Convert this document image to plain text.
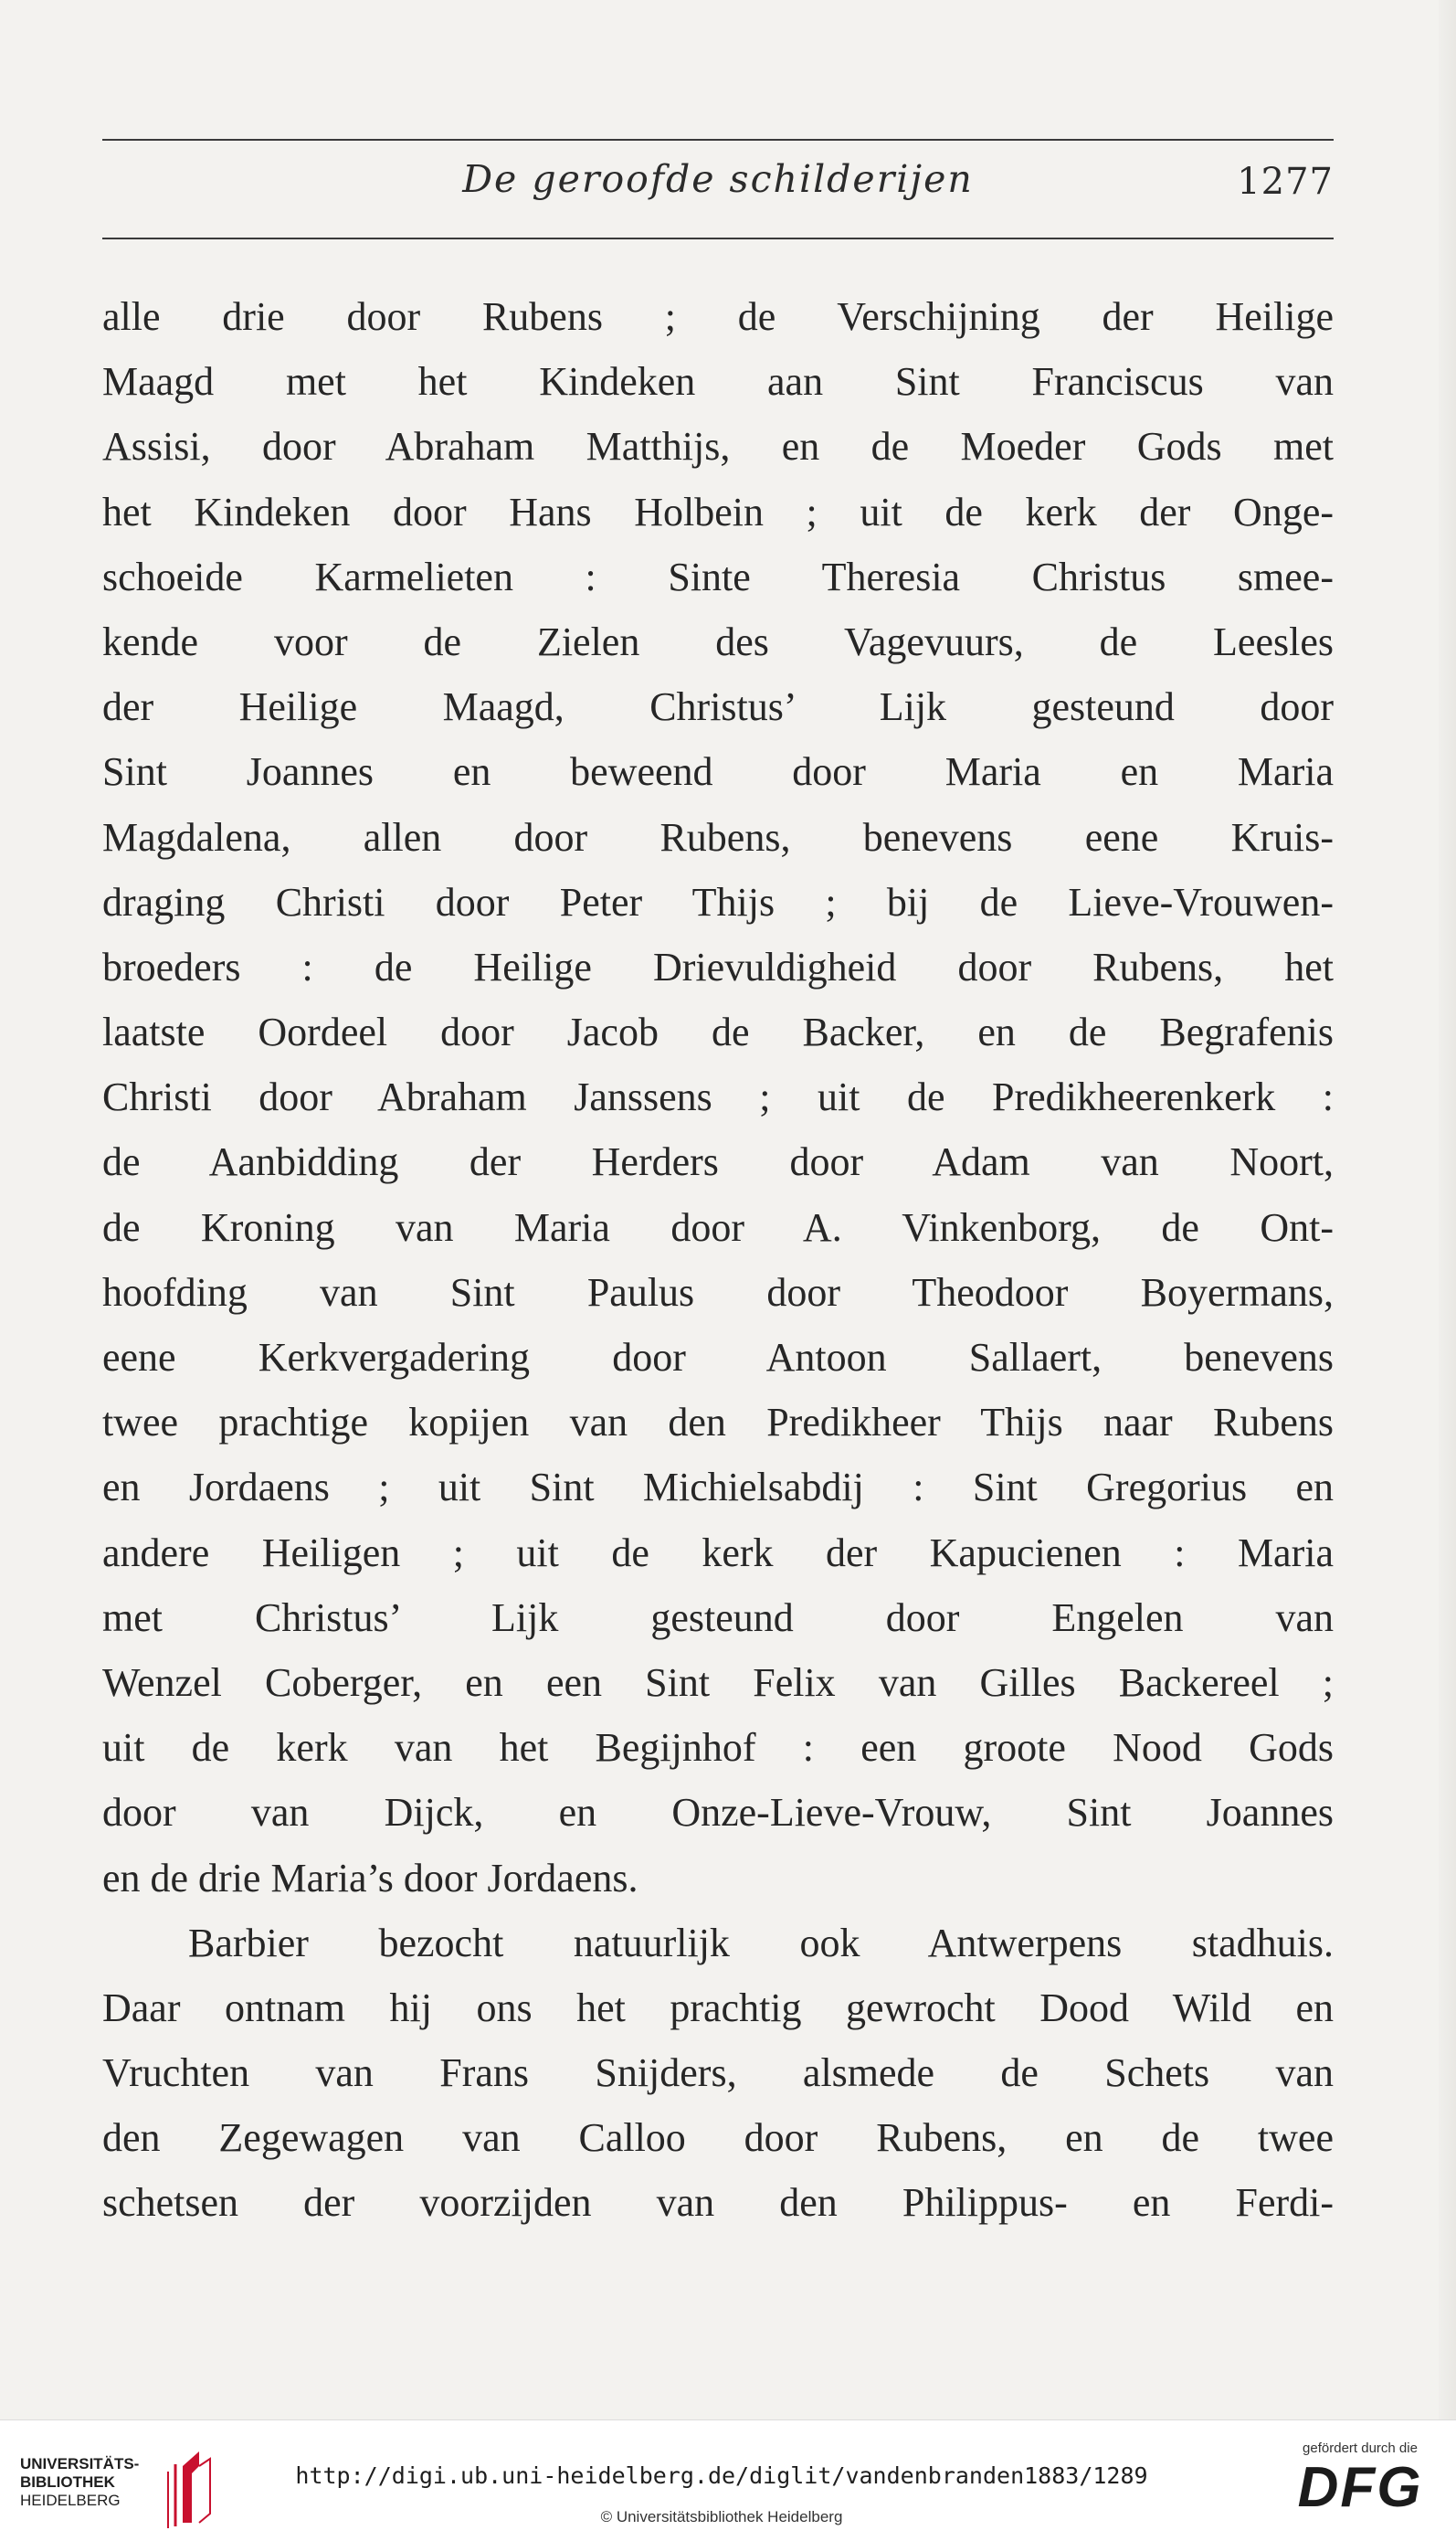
De geroofde schilderijen	1277
alle drie door Rubens ; de Verschijning der Heilige
Maagd met het Kindeken aan Sint Franciscus van
Assisi, door Abraham Matthijs, en de Moeder Gods met
het Kindeken door Hans Holbein ; uit de kerk der Onge-
schoeide Karmelieten : Sinte Theresia Christus smee-
kende voor de Zielen des Vagevuurs, de Leesles
der Heilige Maagd, Christus’ Lijk gesteund door
Sint Joannes en beweend door Maria en Maria
Magdalena, allen door Rubens, benevens eene Kruis-
draging Christi door Peter Thijs ; bij de Lieve-Vrouwen-
broeders : de Heilige Drievuldigheid door Rubens, het
laatste Oordeel door Jacob de Backer, en de Begrafenis
Christi door Abraham Janssens ; uit de Predikheerenkerk :
de Aanbidding der Herders door Adam van Noort,
de Kroning van Maria door A. Vinkenborg, de Ont-
hoofding van Sint Paulus door Theodoor Boyermans,
eene Kerkvergadering door Antoon Sallaert, benevens
twee prachtige kopijen van den Predikheer Thijs naar Rubens
en Jordaens ; uit Sint Michielsabdij : Sint Gregorius en
andere Heiligen ; uit de kerk der Kapucienen : Maria
met Christus’ Lijk gesteund door Engelen van
Wenzel Coberger, en een Sint Felix van Gilles Backereel ;
uit de kerk van het Begijnhof : een groote Nood Gods
door van Dijck, en Onze-Lieve-Vrouw, Sint Joannes
en de drie Maria’s door Jordaens.
Barbier bezocht natuurlijk ook Antwerpens stadhuis.
Daar ontnam hij ons het prachtig gewrocht Dood Wild en
Vruchten van Frans Snijders, alsmede de Schets van
den Zegewagen van Calloo door Rubens, en de twee
schetsen der voorzijden van den Philippus- en Ferdi-
UNIVERSITÄTS-
BIBLIOTHEK
HEIDELBERG
http://digi.ub.uni-heidelberg.de/diglit/vandenbranden1883/1289
© Universitätsbibliothek Heidelberg
gefördert durch die
DFG
